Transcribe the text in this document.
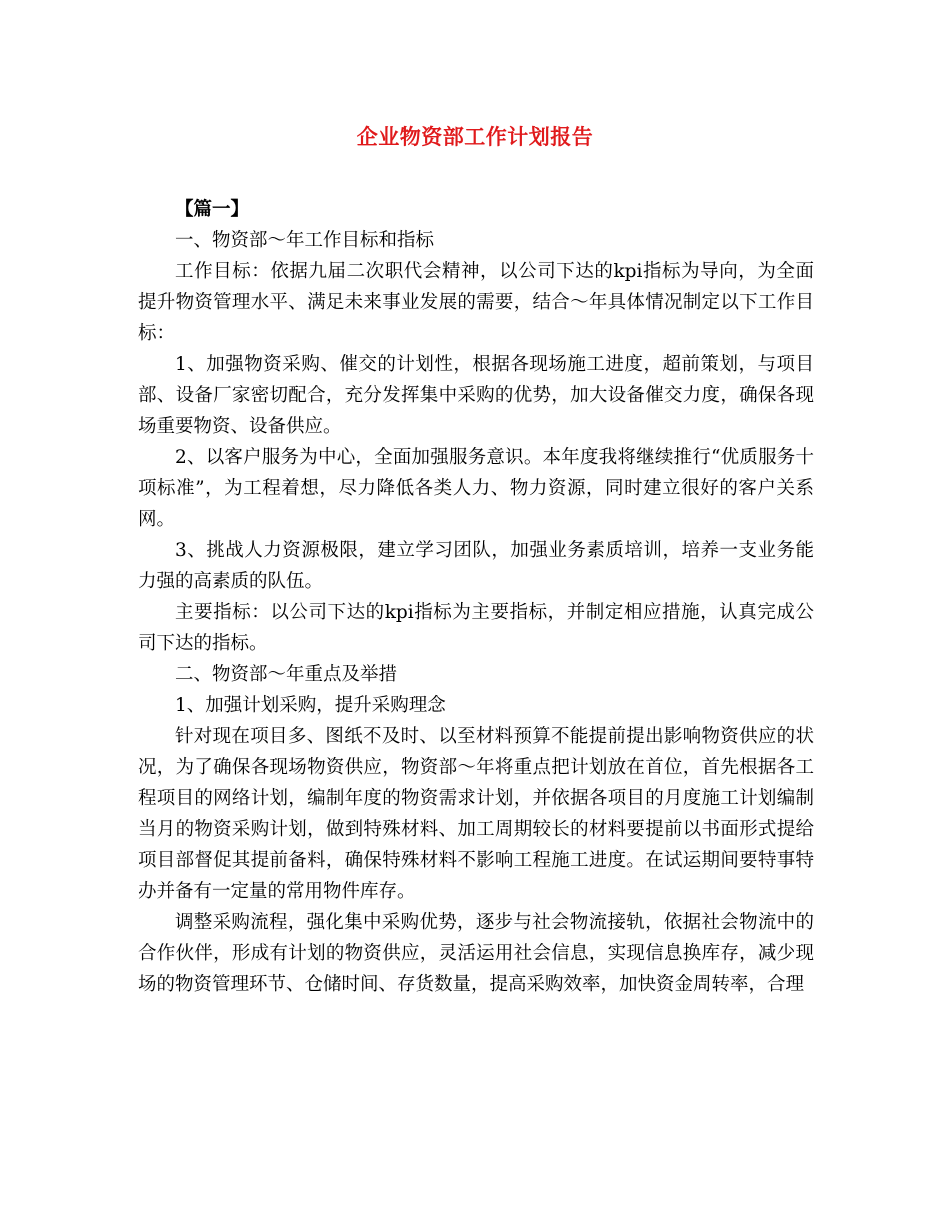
企业物资部工作计划报告

【篇一】

一、物资部～年工作目标和指标

工作目标：依据九届二次职代会精神，以公司下达的kpi指标为导向，为全面提升物资管理水平、满足未来事业发展的需要，结合～年具体情况制定以下工作目标：

1、加强物资采购、催交的计划性，根据各现场施工进度，超前策划，与项目部、设备厂家密切配合，充分发挥集中采购的优势，加大设备催交力度，确保各现场重要物资、设备供应。

2、以客户服务为中心，全面加强服务意识。本年度我将继续推行“优质服务十项标准”，为工程着想，尽力降低各类人力、物力资源，同时建立很好的客户关系网。

3、挑战人力资源极限，建立学习团队，加强业务素质培训，培养一支业务能力强的高素质的队伍。

主要指标：以公司下达的kpi指标为主要指标，并制定相应措施，认真完成公司下达的指标。

二、物资部～年重点及举措

1、加强计划采购，提升采购理念

针对现在项目多、图纸不及时、以至材料预算不能提前提出影响物资供应的状况，为了确保各现场物资供应，物资部～年将重点把计划放在首位，首先根据各工程项目的网络计划，编制年度的物资需求计划，并依据各项目的月度施工计划编制当月的物资采购计划，做到特殊材料、加工周期较长的材料要提前以书面形式提给项目部督促其提前备料，确保特殊材料不影响工程施工进度。在试运期间要特事特办并备有一定量的常用物件库存。

调整采购流程，强化集中采购优势，逐步与社会物流接轨，依据社会物流中的合作伙伴，形成有计划的物资供应，灵活运用社会信息，实现信息换库存，减少现场的物资管理环节、仓储时间、存货数量，提高采购效率，加快资金周转率，合理
